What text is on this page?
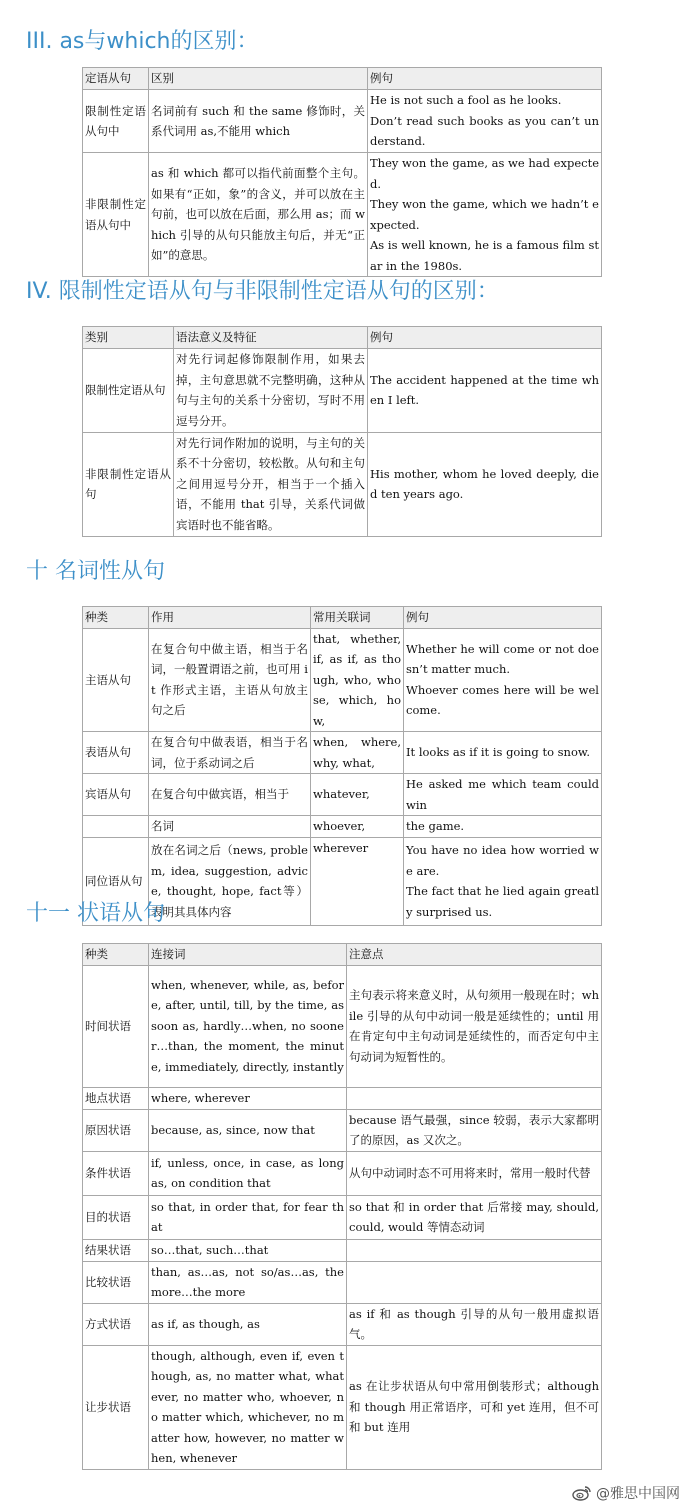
III. as与which的区别：
定语从句	区别	例句
限制性定语从句中	名词前有 such 和 the same 修饰时，关系代词用 as,不能用 which	He is not such a fool as he looks.
Don’t read such books as you can’t understand.

非限制性定语从句中	as 和 which 都可以指代前面整个主句。如果有“正如，象”的含义，并可以放在主句前，也可以放在后面，那么用 as；而 which 引导的从句只能放主句后，并无“正如”的意思。	They won the game, as we had expected.
They won the game, which we hadn’t expected.
As is well known, he is a famous film star in the 1980s.
IV. 限制性定语从句与非限制性定语从句的区别：
类别	语法意义及特征	例句
限制性定语从句	对先行词起修饰限制作用，如果去掉，主句意思就不完整明确，这种从句与主句的关系十分密切，写时不用逗号分开。	The accident happened at the time when I left.
非限制性定语从句	对先行词作附加的说明，与主句的关系不十分密切，较松散。从句和主句之间用逗号分开，相当于一个插入语，不能用 that 引导，关系代词做宾语时也不能省略。	His mother, whom he loved deeply, died ten years ago.
十 名词性从句
种类	作用	常用关联词	例句
主语从句	在复合句中做主语，相当于名词，一般置谓语之前，也可用 it 作形式主语，主语从句放主句之后	that, whether, if, as if, as though, who, whose, which, how,	Whether he will come or not doesn’t matter much.
Whoever comes here will be welcome.

表语从句	在复合句中做表语，相当于名词，位于系动词之后	when, where, why, what,	It looks as if it is going to snow.
宾语从句	在复合句中做宾语，相当于	whatever,	He asked me which team could win
	名词	whoever,	the game.
同位语从句	放在名词之后（news, problem, idea, suggestion, advice, thought, hope, fact等）表明其具体内容	wherever	You have no idea how worried we are.
The fact that he lied again greatly surprised us.
十一 状语从句
种类	连接词	注意点
时间状语	when, whenever, while, as, before, after, until, till, by the time, as soon as, hardly…when, no sooner…than, the moment, the minute, immediately, directly, instantly	主句表示将来意义时，从句须用一般现在时；while 引导的从句中动词一般是延续性的；until 用在肯定句中主句动词是延续性的，而否定句中主句动词为短暂性的。
地点状语	where, wherever	
原因状语	because, as, since, now that	because 语气最强，since 较弱，表示大家都明了的原因，as 又次之。
条件状语	if, unless, once, in case, as long as, on condition that	从句中动词时态不可用将来时，常用一般时代替
目的状语	so that, in order that, for fear that	so that 和 in order that 后常接 may, should, could, would 等情态动词
结果状语	so…that, such…that	
比较状语	than, as…as, not so/as…as, the more…the more	
方式状语	as if, as though, as	as if 和 as though 引导的从句一般用虚拟语气。
让步状语	though, although, even if, even though, as, no matter what, whatever, no matter who, whoever, no matter which, whichever, no matter how, however, no matter when, whenever	as 在让步状语从句中常用倒装形式；although 和 though 用正常语序，可和 yet 连用，但不可和 but 连用
@雅思中国网
